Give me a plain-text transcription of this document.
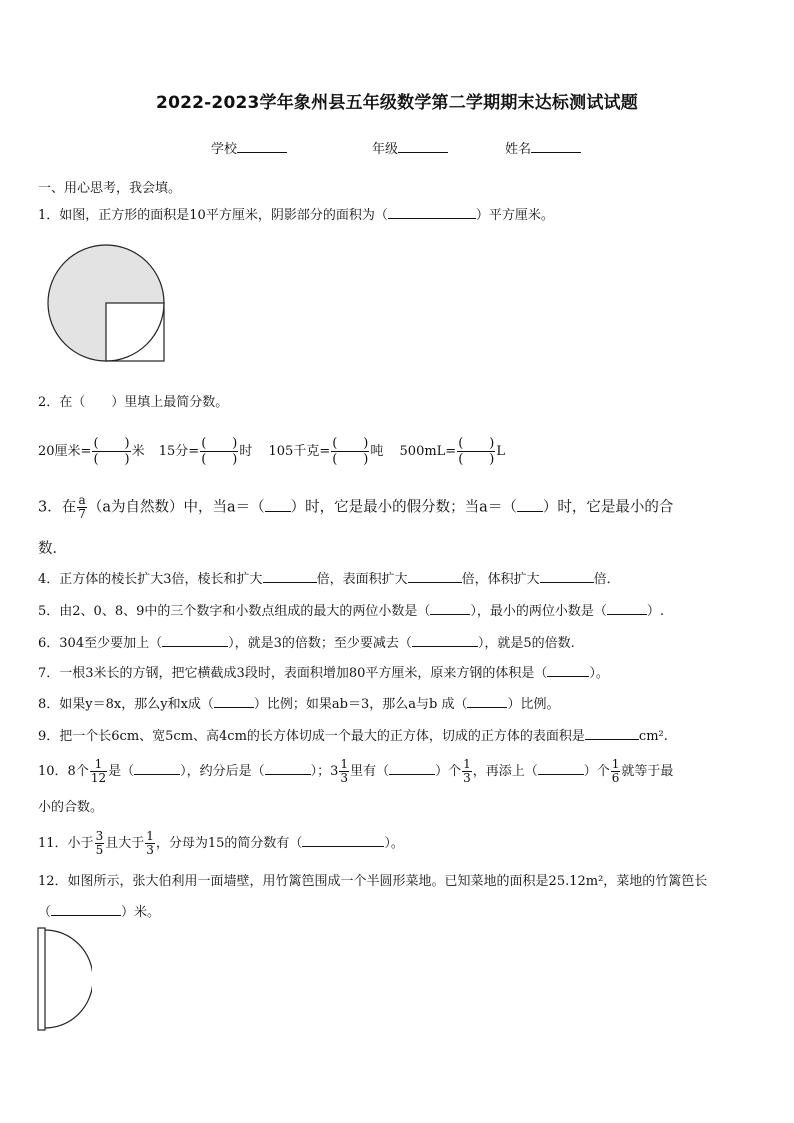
2022-2023学年象州县五年级数学第二学期期末达标测试试题
学校	年级	姓名
一、用心思考，我会填。
1．如图，正方形的面积是10平方厘米，阴影部分的面积为（	）平方厘米。
2．在（　　）里填上最简分数。
20厘米= $\frac{( )}{( )}$ 米 15分= $\frac{( )}{( )}$ 时 105千克= $\frac{( )}{( )}$ 吨 $500mL= \frac{( )}{( )}$ L
3．在 $\frac{a}{7} (a$为自然数）中，当a＝（ ）时，它是最小的假分数；当a＝（ ）时，它是最小的合
数．
4．正方体的棱长扩大3倍，棱长和扩大	倍，表面积扩大	倍，体积扩大	倍．
5．由2、0、8、9中的三个数字和小数点组成的最大的两位小数是（	），最小的两位小数是（	）.
6．304至少要加上（	），就是3的倍数；至少要减去（	），就是5的倍数.
7．一根3米长的方钢，把它横截成3段时，表面积增加80平方厘米，原来方钢的体积是（	）。
8．如果y＝8x，那么y和x成（	）比例；如果ab＝3，那么a与b 成（	）比例。
9．把一个长6cm、宽5cm、高4cm的长方体切成一个最大的正方体，切成的正方体的表面积是	cm².
10．8个 $\frac{1}{12}$ 是（	），约分后是（	）；$3 \frac{1}{3}$ 里有（	）个 $\frac{1}{3}$ ，再添上（	）个 $\frac{1}{6}$ 就等于最
小的合数。
11．小于 $\frac{3}{5}$ 且大于 $\frac{1}{3}$ ，分母为15的简分数有（	）。
12．如图所示，张大伯利用一面墙壁，用竹篱笆围成一个半圆形菜地。已知菜地的面积是25.12m²，菜地的竹篱笆长
（	）米。
